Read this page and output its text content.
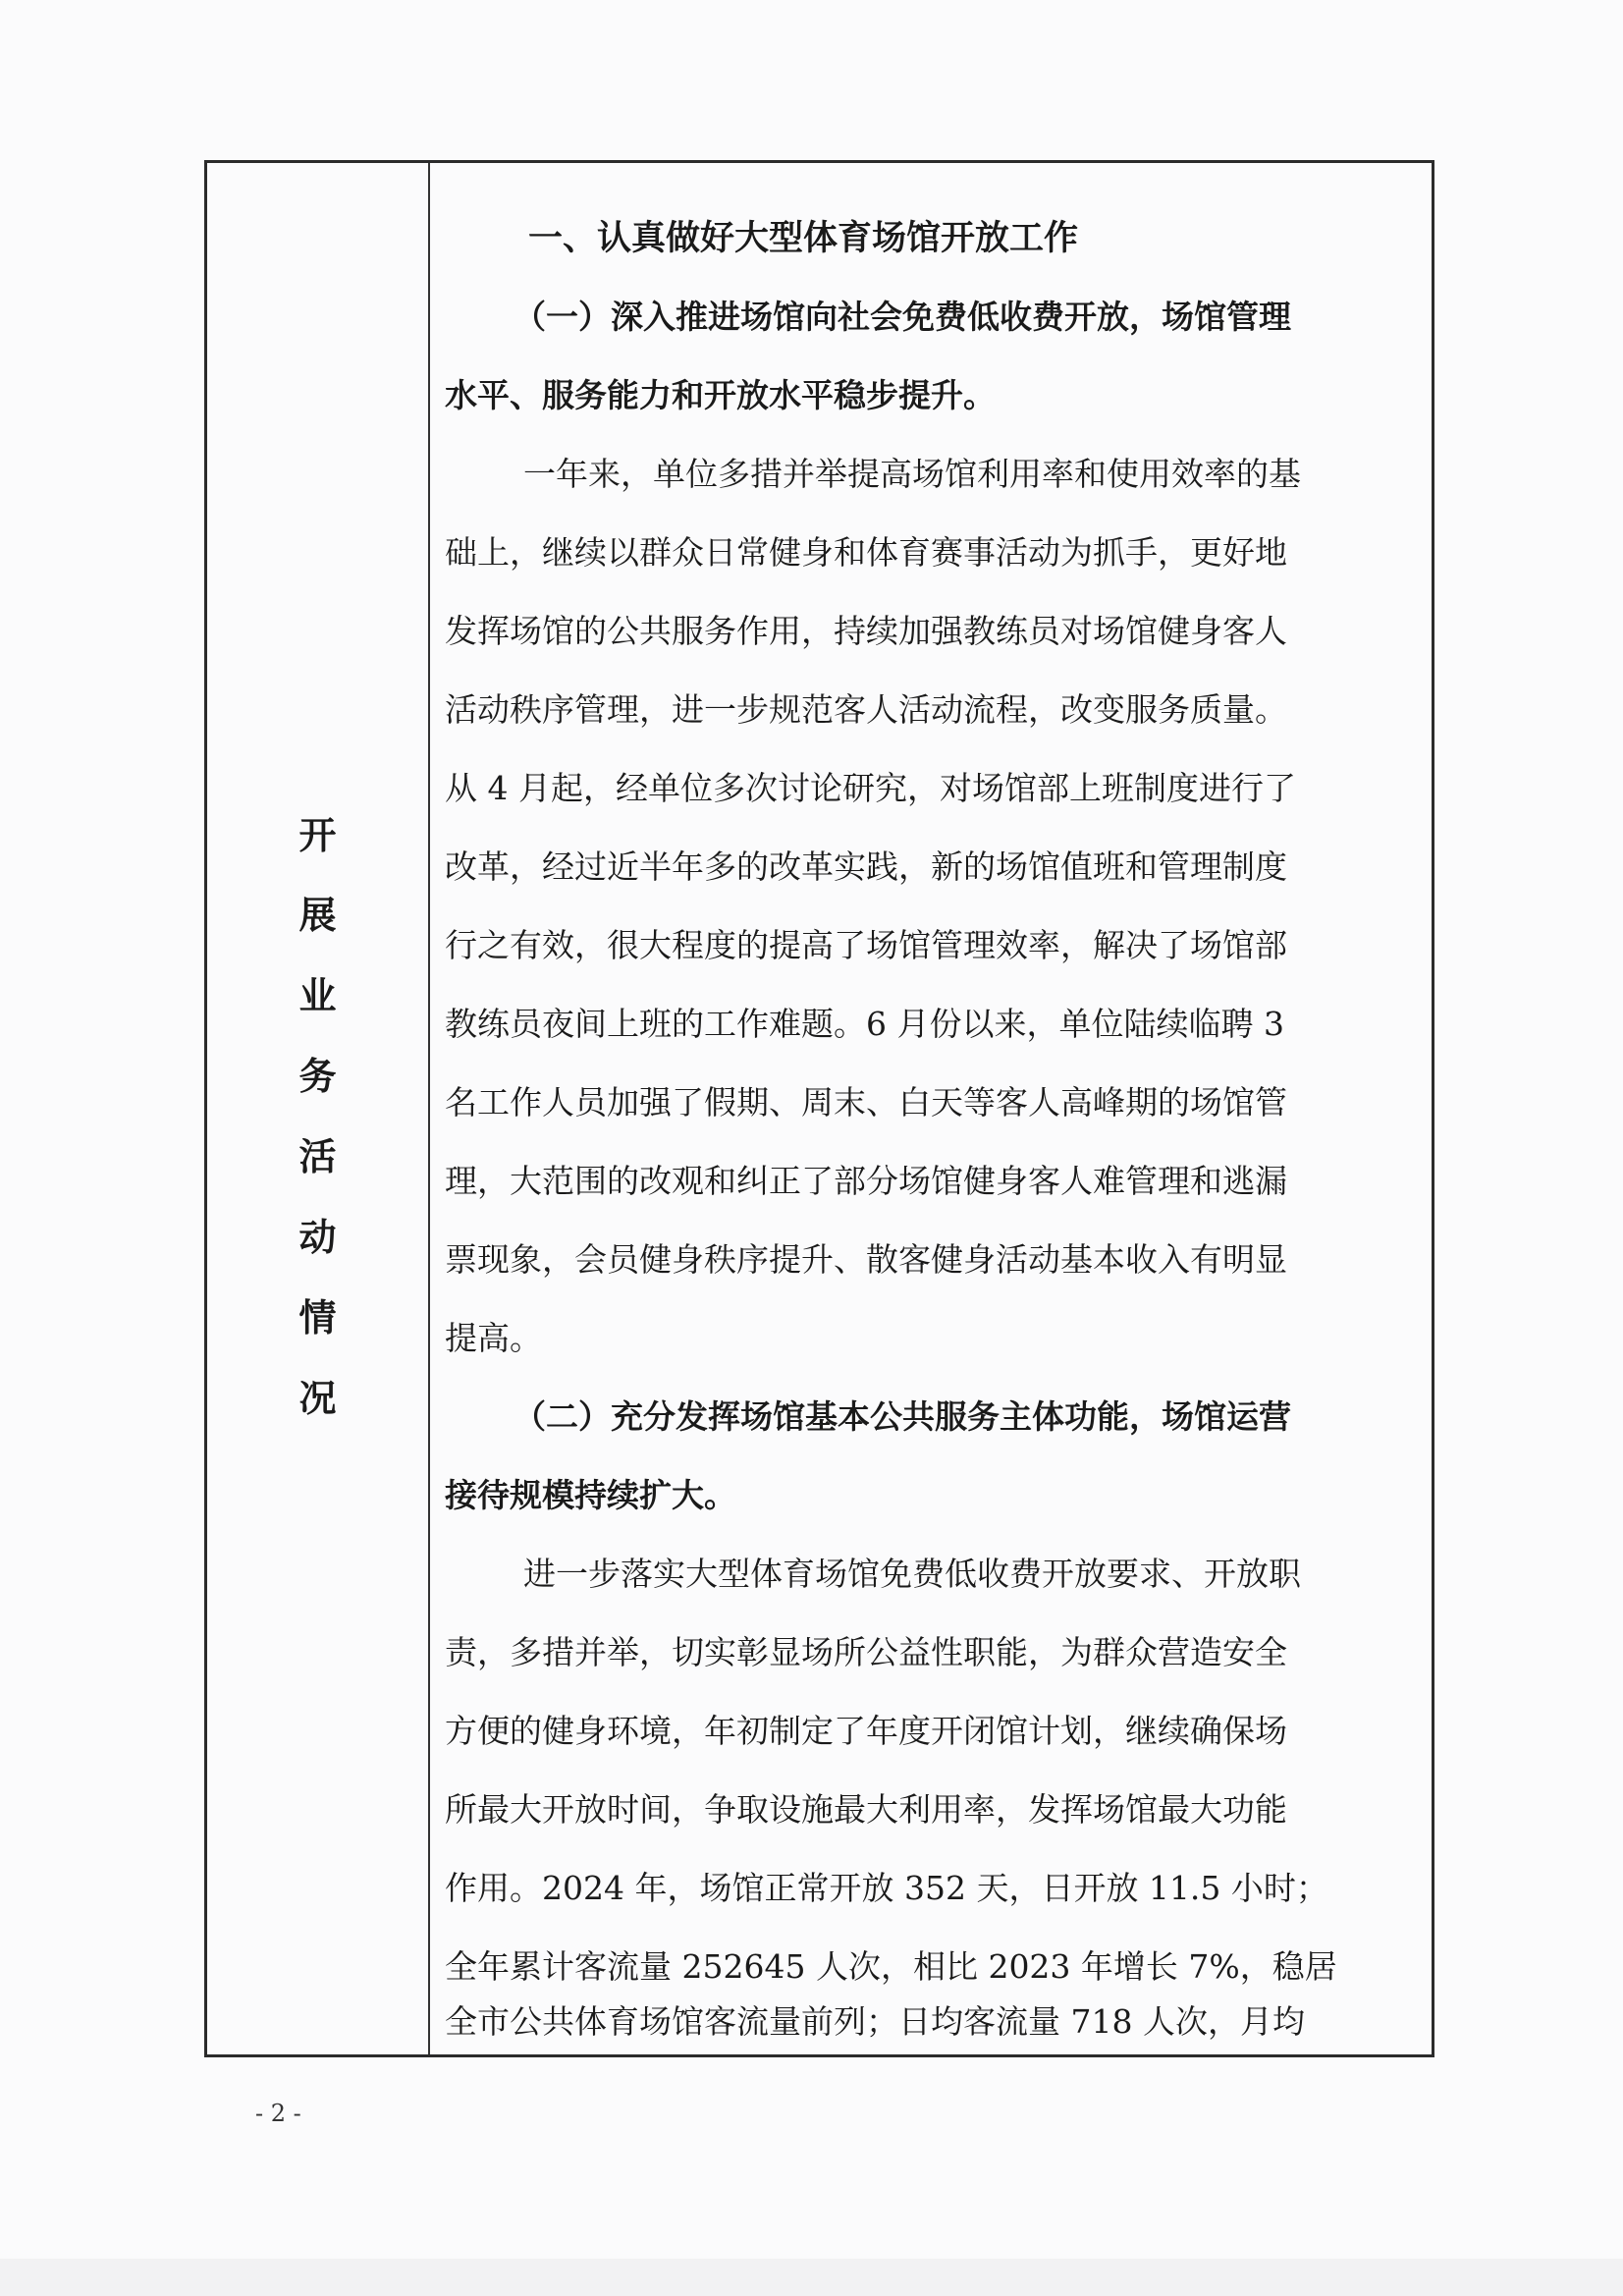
开
展
业
务
活
动
情
况
一、认真做好大型体育场馆开放工作
（一）深入推进场馆向社会免费低收费开放，场馆管理
水平、服务能力和开放水平稳步提升。
一年来，单位多措并举提高场馆利用率和使用效率的基
础上，继续以群众日常健身和体育赛事活动为抓手，更好地
发挥场馆的公共服务作用，持续加强教练员对场馆健身客人
活动秩序管理，进一步规范客人活动流程，改变服务质量。
从 4 月起，经单位多次讨论研究，对场馆部上班制度进行了
改革，经过近半年多的改革实践，新的场馆值班和管理制度
行之有效，很大程度的提高了场馆管理效率，解决了场馆部
教练员夜间上班的工作难题。6 月份以来，单位陆续临聘 3
名工作人员加强了假期、周末、白天等客人高峰期的场馆管
理，大范围的改观和纠正了部分场馆健身客人难管理和逃漏
票现象，会员健身秩序提升、散客健身活动基本收入有明显
提高。
（二）充分发挥场馆基本公共服务主体功能，场馆运营
接待规模持续扩大。
进一步落实大型体育场馆免费低收费开放要求、开放职
责，多措并举，切实彰显场所公益性职能，为群众营造安全
方便的健身环境，年初制定了年度开闭馆计划，继续确保场
所最大开放时间，争取设施最大利用率，发挥场馆最大功能
作用。2024 年，场馆正常开放 352 天，日开放 11.5 小时；
全年累计客流量 252645 人次，相比 2023 年增长 7%，稳居
全市公共体育场馆客流量前列；日均客流量 718 人次，月均
- 2 -
